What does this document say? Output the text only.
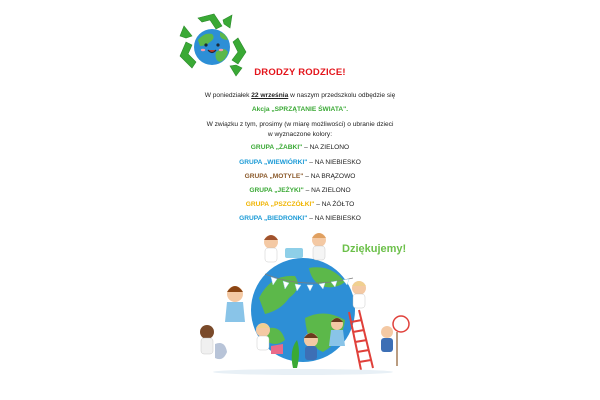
DRODZY RODZICE!
W poniedziałek 22 września w naszym przedszkolu odbędzie się
Akcja „SPRZĄTANIE ŚWIATA".
W związku z tym, prosimy (w miarę możliwości) o ubranie dzieci
w wyznaczone kolory:
GRUPA „ŻABKI" – NA ZIELONO
GRUPA „WIEWIÓRKI" – NA NIEBIESKO
GRUPA „MOTYLE" – NA BRĄZOWO
GRUPA „JEŻYKI" – NA ZIELONO
GRUPA „PSZCZÓŁKI" – NA ŻÓŁTO
GRUPA „BIEDRONKI" – NA NIEBIESKO
Dziękujemy!
